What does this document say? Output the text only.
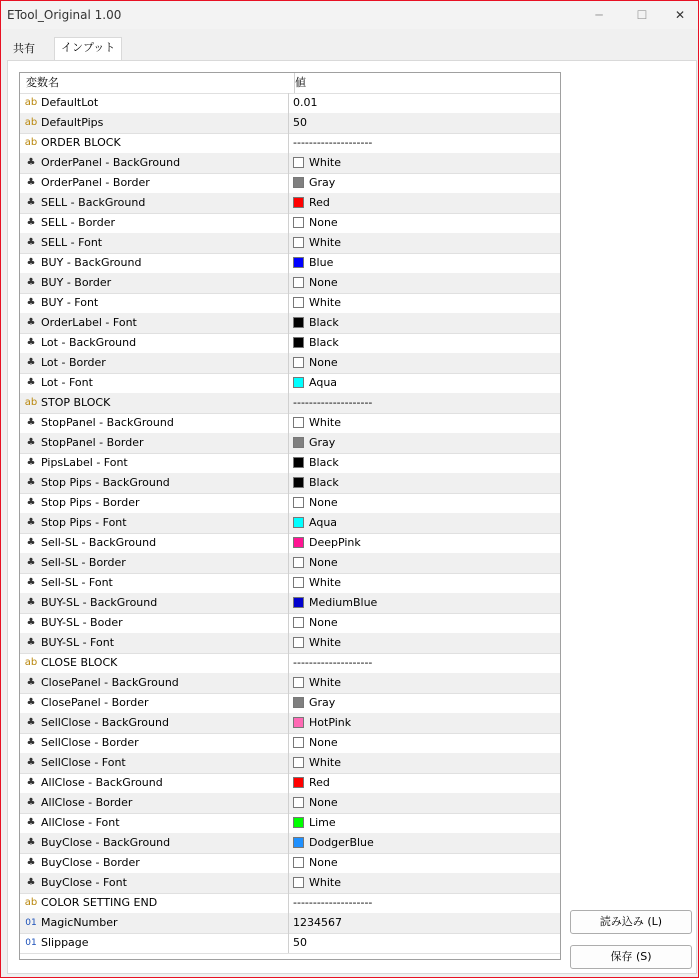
ETool_Original 1.00	─	☐	✕
共有	インプット
変数名	値
ab DefaultLot	0.01
ab DefaultPips	50
ab ORDER BLOCK	--------------------
♣ OrderPanel - BackGround	White
♣ OrderPanel - Border	Gray
♣ SELL - BackGround	Red
♣ SELL - Border	None
♣ SELL - Font	White
♣ BUY - BackGround	Blue
♣ BUY - Border	None
♣ BUY - Font	White
♣ OrderLabel - Font	Black
♣ Lot - BackGround	Black
♣ Lot - Border	None
♣ Lot - Font	Aqua
ab STOP BLOCK	--------------------
♣ StopPanel - BackGround	White
♣ StopPanel - Border	Gray
♣ PipsLabel - Font	Black
♣ Stop Pips - BackGround	Black
♣ Stop Pips - Border	None
♣ Stop Pips - Font	Aqua
♣ Sell-SL - BackGround	DeepPink
♣ Sell-SL - Border	None
♣ Sell-SL - Font	White
♣ BUY-SL - BackGround	MediumBlue
♣ BUY-SL - Boder	None
♣ BUY-SL - Font	White
ab CLOSE BLOCK	--------------------
♣ ClosePanel - BackGround	White
♣ ClosePanel - Border	Gray
♣ SellClose - BackGround	HotPink
♣ SellClose - Border	None
♣ SellClose - Font	White
♣ AllClose - BackGround	Red
♣ AllClose - Border	None
♣ AllClose - Font	Lime
♣ BuyClose - BackGround	DodgerBlue
♣ BuyClose - Border	None
♣ BuyClose - Font	White
ab COLOR SETTING END	--------------------
01 MagicNumber	1234567
01 Slippage	50
読み込み (L)
保存 (S)
